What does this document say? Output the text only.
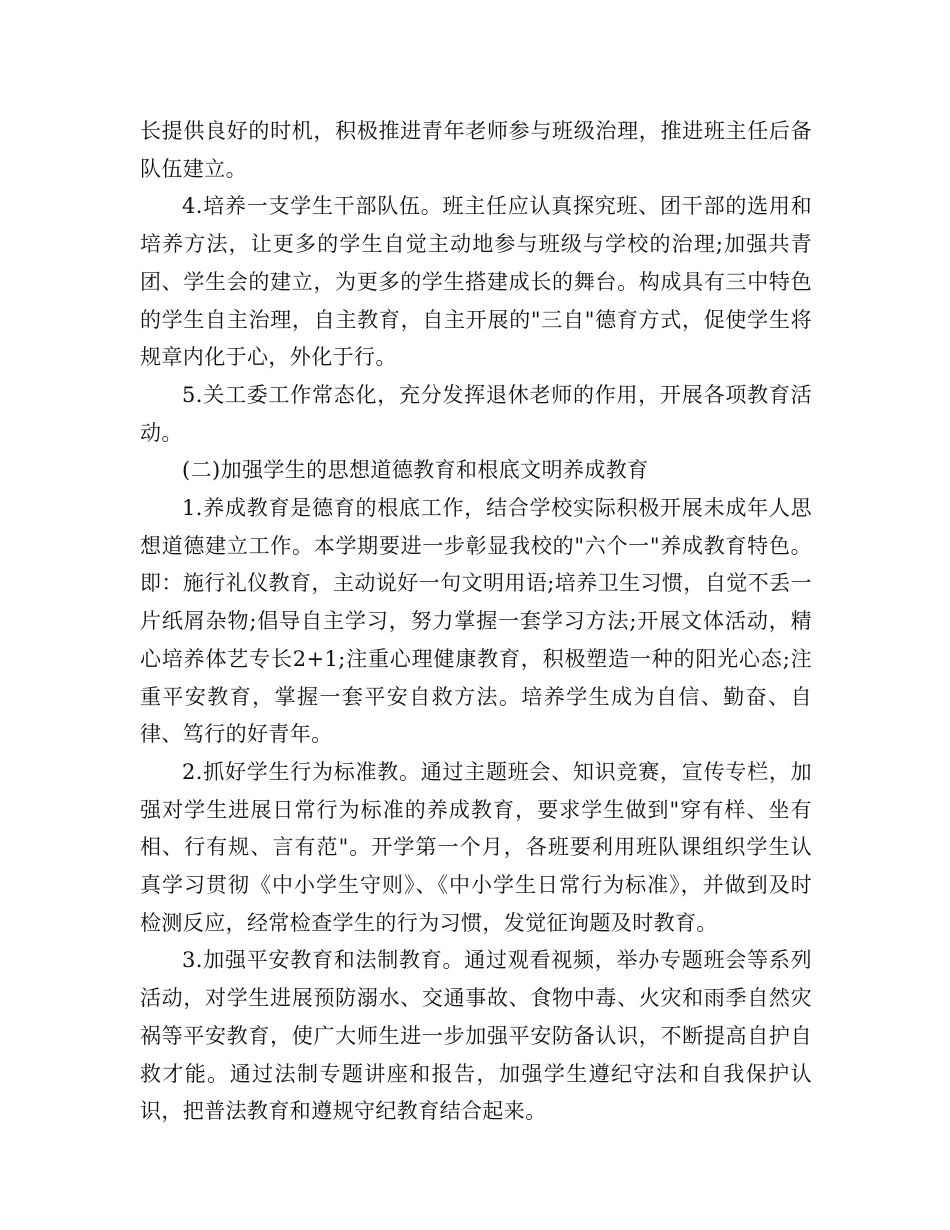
长提供良好的时机，积极推进青年老师参与班级治理，推进班主任后备队伍建立。

4.培养一支学生干部队伍。班主任应认真探究班、团干部的选用和培养方法，让更多的学生自觉主动地参与班级与学校的治理;加强共青团、学生会的建立，为更多的学生搭建成长的舞台。构成具有三中特色的学生自主治理，自主教育，自主开展的"三自"德育方式，促使学生将规章内化于心，外化于行。

5.关工委工作常态化，充分发挥退休老师的作用，开展各项教育活动。

(二)加强学生的思想道德教育和根底文明养成教育

1.养成教育是德育的根底工作，结合学校实际积极开展未成年人思想道德建立工作。本学期要进一步彰显我校的"六个一"养成教育特色。即：施行礼仪教育，主动说好一句文明用语;培养卫生习惯，自觉不丢一片纸屑杂物;倡导自主学习，努力掌握一套学习方法;开展文体活动，精心培养体艺专长2+1;注重心理健康教育，积极塑造一种的阳光心态;注重平安教育，掌握一套平安自救方法。培养学生成为自信、勤奋、自律、笃行的好青年。

2.抓好学生行为标准教。通过主题班会、知识竞赛，宣传专栏，加强对学生进展日常行为标准的养成教育，要求学生做到"穿有样、坐有相、行有规、言有范"。开学第一个月，各班要利用班队课组织学生认真学习贯彻《中小学生守则》、《中小学生日常行为标准》，并做到及时检测反应，经常检查学生的行为习惯，发觉征询题及时教育。

3.加强平安教育和法制教育。通过观看视频，举办专题班会等系列活动，对学生进展预防溺水、交通事故、食物中毒、火灾和雨季自然灾祸等平安教育，使广大师生进一步加强平安防备认识，不断提高自护自救才能。通过法制专题讲座和报告，加强学生遵纪守法和自我保护认识，把普法教育和遵规守纪教育结合起来。
